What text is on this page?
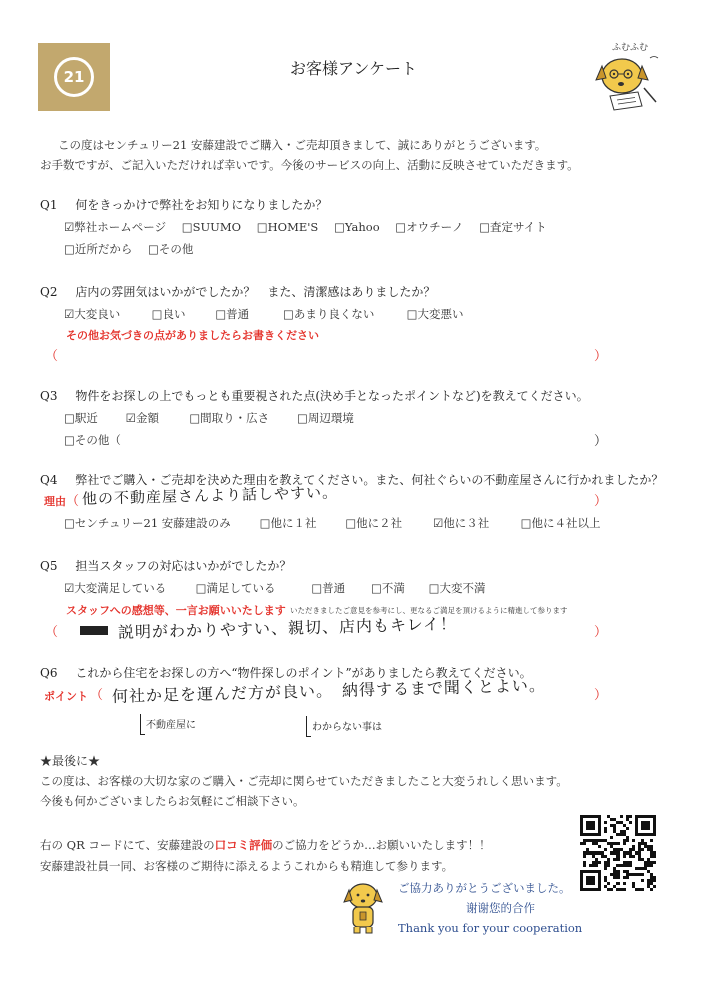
21	お客様アンケート
ふむふむ
この度はセンチュリー21 安藤建設でご購入・ご売却頂きまして、誠にありがとうございます。
お手数ですが、ご記入いただければ幸いです。今後のサービスの向上、活動に反映させていただきます。
Q1 何をきっかけで弊社をお知りになりましたか？
☑弊社ホームページ □SUUMO □HOME'S □Yahoo □オウチーノ □査定サイト
□近所だから □その他
Q2 店内の雰囲気はいかがでしたか？　また、清潔感はありましたか？
☑大変良い	□良い	□普通	□あまり良くない	□大変悪い
その他お気づきの点がありましたらお書きください
（	）
Q3 物件をお探しの上でもっとも重要視された点(決め手となったポイントなど)を教えてください。
□駅近 ☑金額	□間取り・広さ □周辺環境
□その他（	）
Q4 弊社でご購入・ご売却を決めた理由を教えてください。また、何社ぐらいの不動産屋さんに行かれましたか？
理由 （ 他の不動産屋さんより話しやすい。	）
□センチュリー21 安藤建設のみ	□他に１社	□他に２社	☑他に３社	□他に４社以上
Q5 担当スタッフの対応はいかがでしたか？
☑大変満足している	□満足している	□普通 □不満 □大変不満
スタッフへの感想等、一言お願いいたします いただきましたご意見を参考にし、更なるご満足を頂けるように精進して参ります
（	説明がわかりやすい、親切、店内もキレイ！	）
Q6 これから住宅をお探しの方へ“物件探しのポイント”がありましたら教えてください。
ポイント （ 何社か足を運んだ方が良い。　納得するまで聞くとよい。	）
不動産屋に	わからない事は
★最後に★
この度は、お客様の大切な家のご購入・ご売却に関らせていただきましたこと大変うれしく思います。
今後も何かございましたらお気軽にご相談下さい。
右の QR コードにて、安藤建設の口コミ評価のご協力をどうか…お願いいたします！！
安藤建設社員一同、お客様のご期待に添えるようこれからも精進して参ります。
ご協力ありがとうございました。
谢谢您的合作
Thank you for your cooperation
